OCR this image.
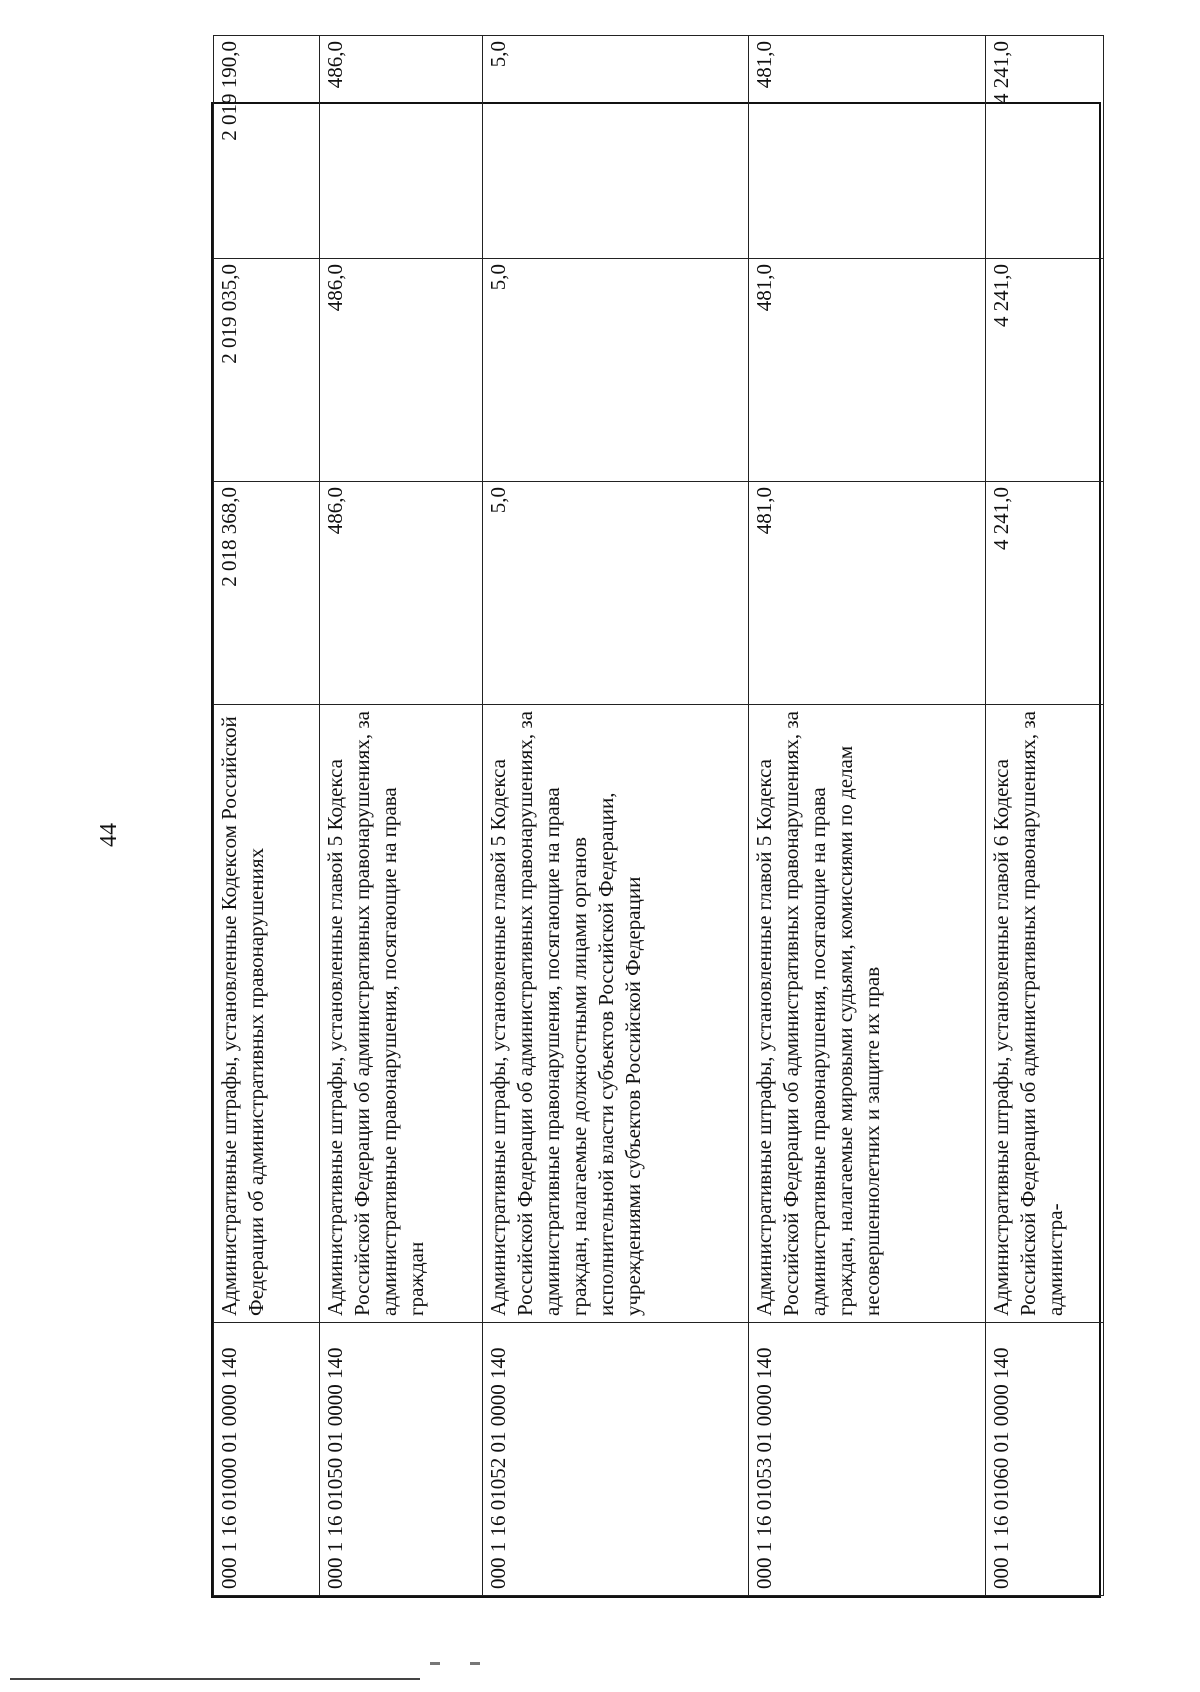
44
000 1 16 01000 01 0000 140	Административные штрафы, установленные Кодексом Российской Федерации об административных правонарушениях	2 018 368,0	2 019 035,0	2 019 190,0
000 1 16 01050 01 0000 140	Административные штрафы, установленные главой 5 Кодекса Российской Федерации об административных правонарушениях, за административные правонарушения, посягающие на права граждан	486,0	486,0	486,0
000 1 16 01052 01 0000 140	Административные штрафы, установленные главой 5 Кодекса Российской Федерации об административных правонарушениях, за административные правонарушения, посягающие на права граждан, налагаемые должностными лицами органов исполнительной власти субъектов Российской Федерации, учреждениями субъектов Российской Федерации	5,0	5,0	5,0
000 1 16 01053 01 0000 140	Административные штрафы, установленные главой 5 Кодекса Российской Федерации об административных правонарушениях, за административные правонарушения, посягающие на права граждан, налагаемые мировыми судьями, комиссиями по делам несовершеннолетних и защите их прав	481,0	481,0	481,0
000 1 16 01060 01 0000 140	Административные штрафы, установленные главой 6 Кодекса Российской Федерации об административных правонарушениях, за администра-	4 241,0	4 241,0	4 241,0
